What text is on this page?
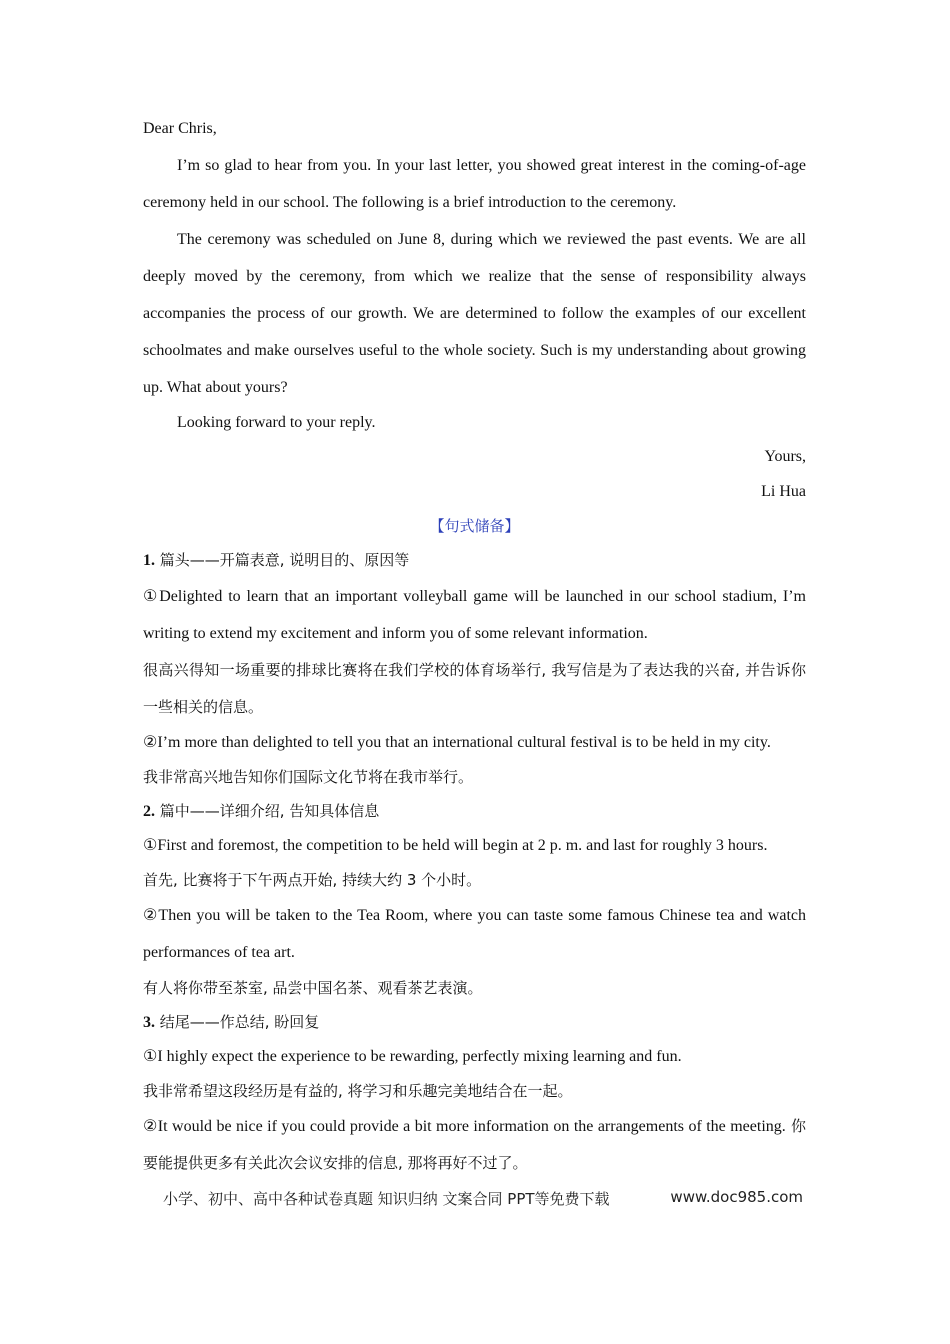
Dear Chris,

I’m so glad to hear from you. In your last letter, you showed great interest in the coming-of-age ceremony held in our school. The following is a brief introduction to the ceremony.

The ceremony was scheduled on June 8, during which we reviewed the past events. We are all deeply moved by the ceremony, from which we realize that the sense of responsibility always accompanies the process of our growth. We are determined to follow the examples of our excellent schoolmates and make ourselves useful to the whole society. Such is my understanding about growing up. What about yours?

Looking forward to your reply.

Yours,

Li Hua

【句式储备】

1. 篇头——开篇表意, 说明目的、原因等

①Delighted to learn that an important volleyball game will be launched in our school stadium, I’m writing to extend my excitement and inform you of some relevant information.

很高兴得知一场重要的排球比赛将在我们学校的体育场举行, 我写信是为了表达我的兴奋, 并告诉你一些相关的信息。

②I’m more than delighted to tell you that an international cultural festival is to be held in my city.

我非常高兴地告知你们国际文化节将在我市举行。

2. 篇中——详细介绍, 告知具体信息

①First and foremost, the competition to be held will begin at 2 p. m. and last for roughly 3 hours.

首先, 比赛将于下午两点开始, 持续大约 3 个小时。

②Then you will be taken to the Tea Room, where you can taste some famous Chinese tea and watch performances of tea art.

有人将你带至茶室, 品尝中国名茶、观看茶艺表演。

3. 结尾——作总结, 盼回复

①I highly expect the experience to be rewarding, perfectly mixing learning and fun.

我非常希望这段经历是有益的, 将学习和乐趣完美地结合在一起。

②It would be nice if you could provide a bit more information on the arrangements of the meeting. 你要能提供更多有关此次会议安排的信息, 那将再好不过了。

小学、初中、高中各种试卷真题 知识归纳 文案合同 PPT等免费下载	www.doc985.com
